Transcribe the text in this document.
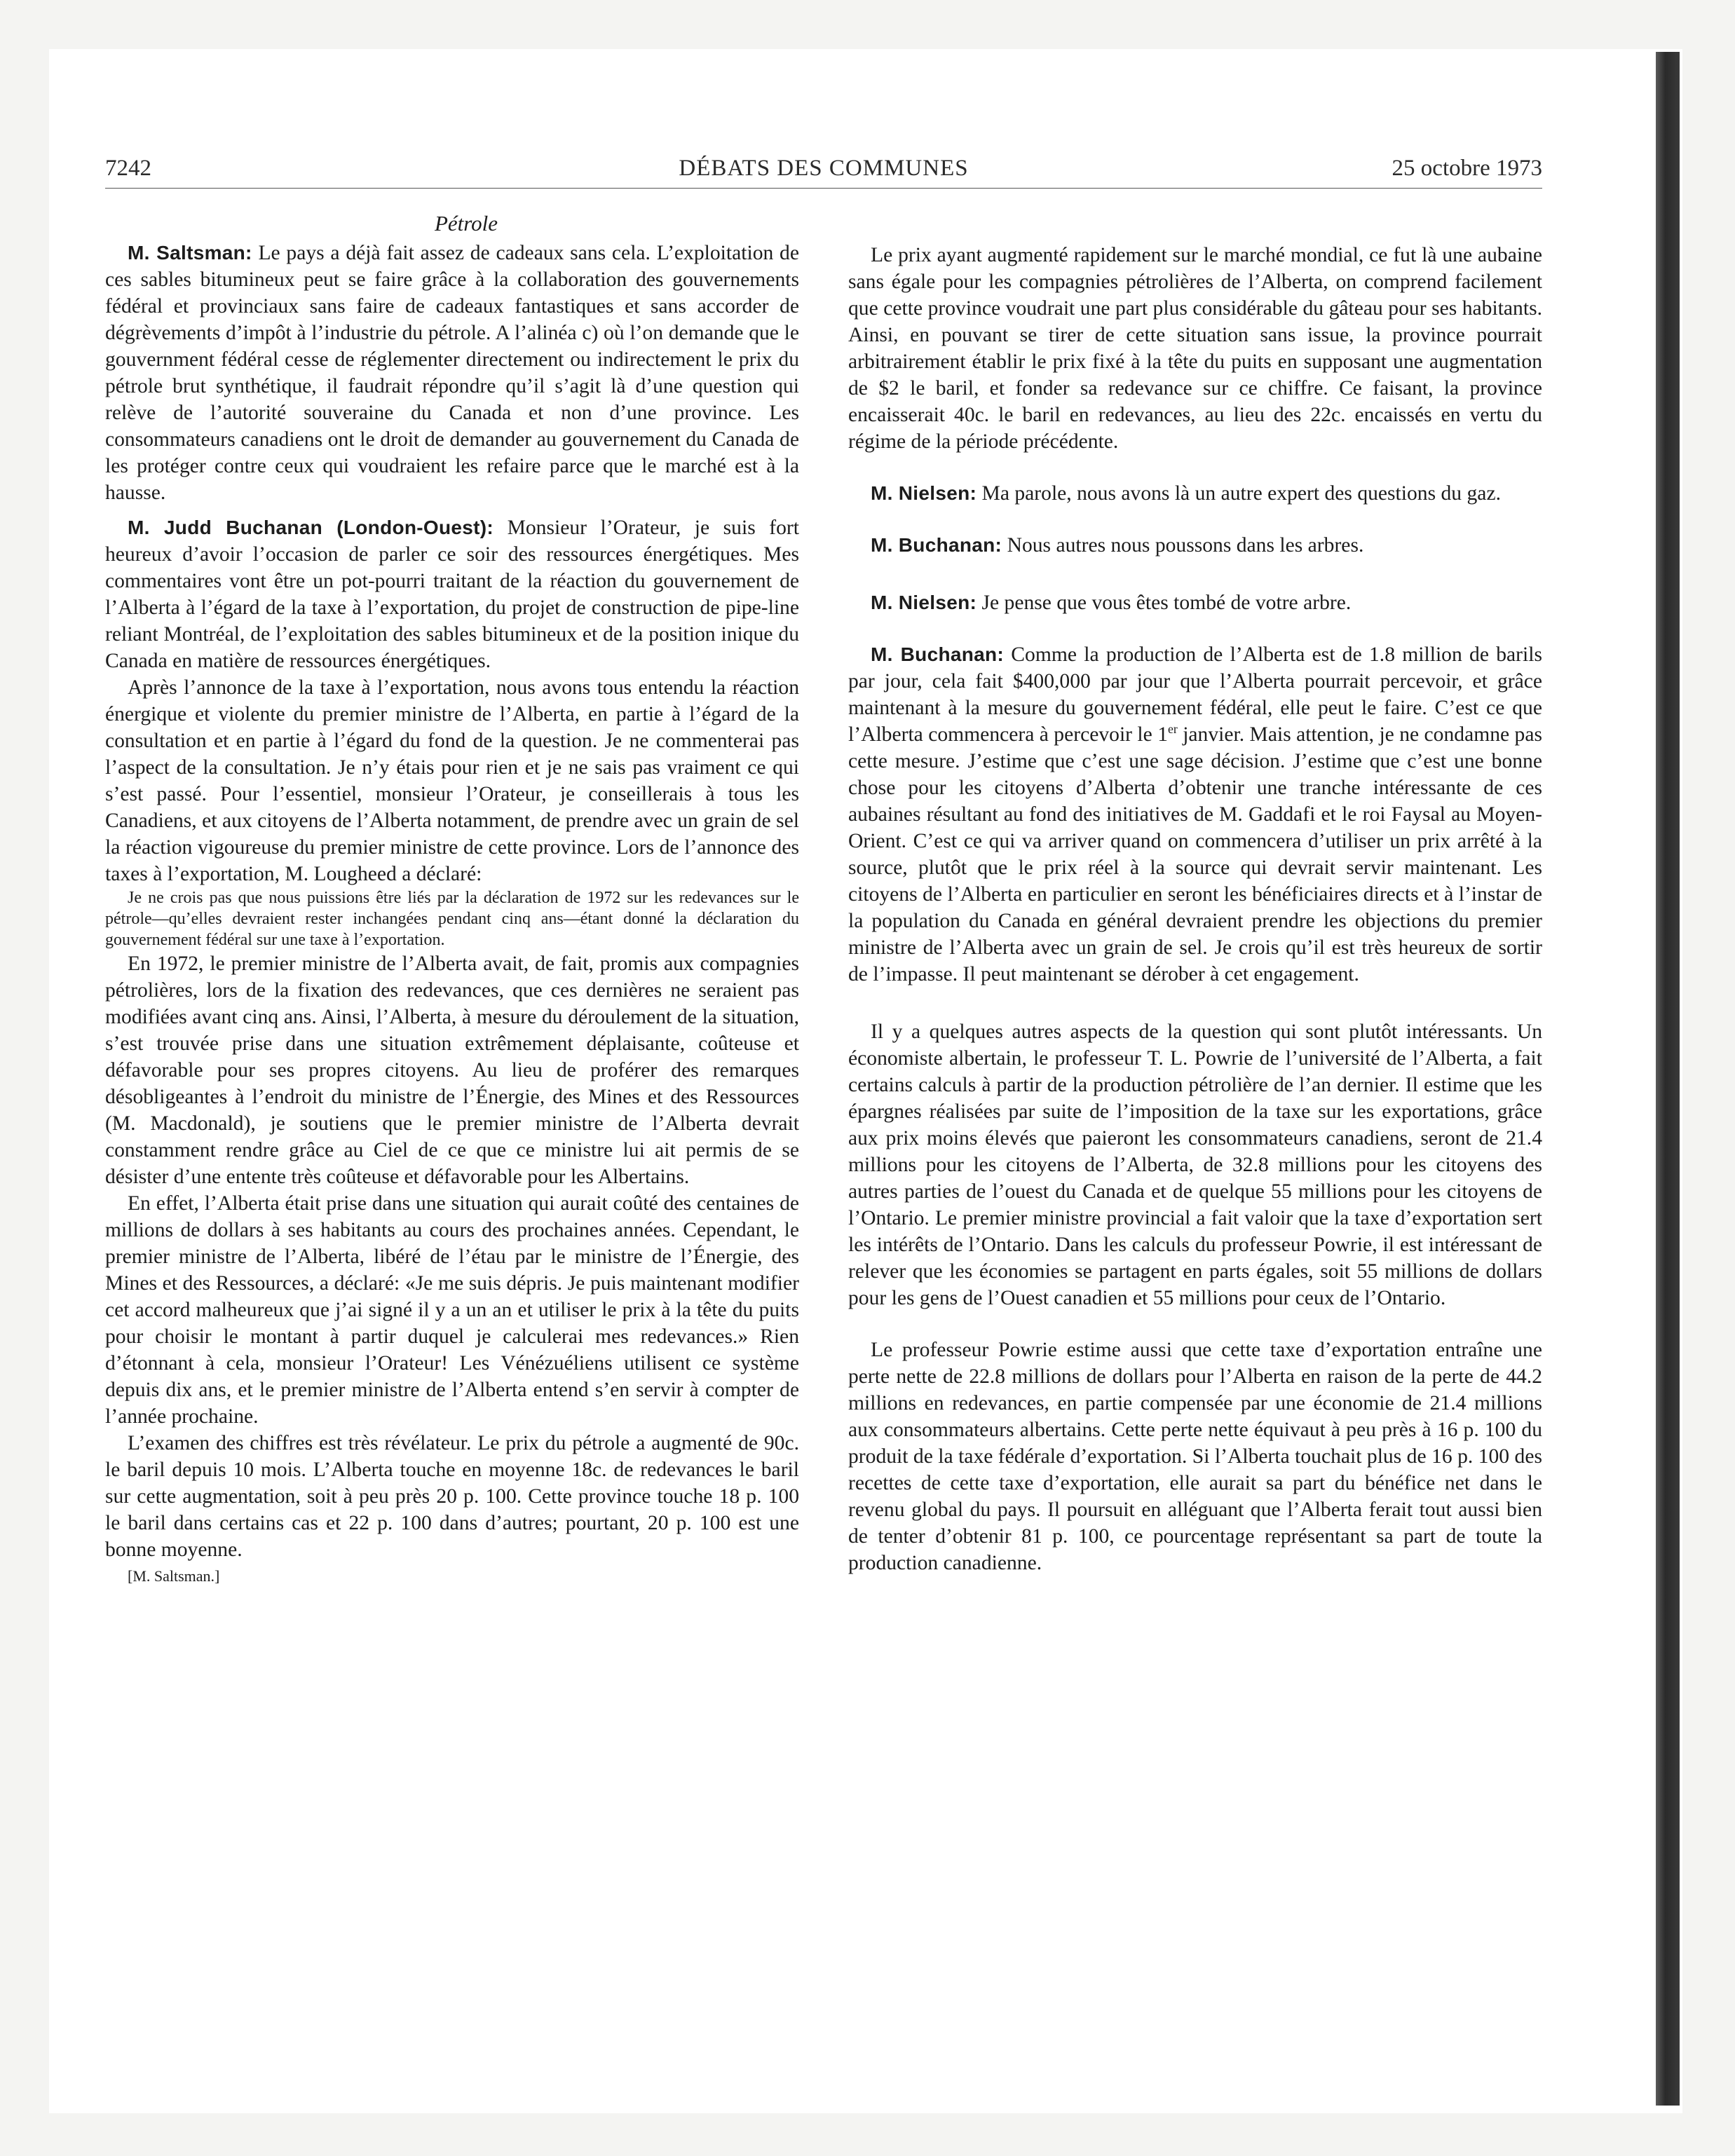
7242	DÉBATS DES COMMUNES	25 octobre 1973
Pétrole

M. Saltsman: Le pays a déjà fait assez de cadeaux sans cela. L’exploitation de ces sables bitumineux peut se faire grâce à la collaboration des gouvernements fédéral et provinciaux sans faire de cadeaux fantastiques et sans accorder de dégrèvements d’impôt à l’industrie du pétrole. A l’alinéa c) où l’on demande que le gouvernment fédéral cesse de réglementer directement ou indirectement le prix du pétrole brut synthétique, il faudrait répondre qu’il s’agit là d’une question qui relève de l’autorité souveraine du Canada et non d’une province. Les consommateurs canadiens ont le droit de demander au gouvernement du Canada de les protéger contre ceux qui voudraient les refaire parce que le marché est à la hausse.

M. Judd Buchanan (London-Ouest): Monsieur l’Orateur, je suis fort heureux d’avoir l’occasion de parler ce soir des ressources énergétiques. Mes commentaires vont être un pot-pourri traitant de la réaction du gouvernement de l’Alberta à l’égard de la taxe à l’exportation, du projet de construction de pipe-line reliant Montréal, de l’exploitation des sables bitumineux et de la position inique du Canada en matière de ressources énergétiques.

Après l’annonce de la taxe à l’exportation, nous avons tous entendu la réaction énergique et violente du premier ministre de l’Alberta, en partie à l’égard de la consultation et en partie à l’égard du fond de la question. Je ne commenterai pas l’aspect de la consultation. Je n’y étais pour rien et je ne sais pas vraiment ce qui s’est passé. Pour l’essentiel, monsieur l’Orateur, je conseillerais à tous les Canadiens, et aux citoyens de l’Alberta notamment, de prendre avec un grain de sel la réaction vigoureuse du premier ministre de cette province. Lors de l’annonce des taxes à l’exportation, M. Lougheed a déclaré:

Je ne crois pas que nous puissions être liés par la déclaration de 1972 sur les redevances sur le pétrole—qu’elles devraient rester inchangées pendant cinq ans—étant donné la déclaration du gouvernement fédéral sur une taxe à l’exportation.

En 1972, le premier ministre de l’Alberta avait, de fait, promis aux compagnies pétrolières, lors de la fixation des redevances, que ces dernières ne seraient pas modifiées avant cinq ans. Ainsi, l’Alberta, à mesure du déroulement de la situation, s’est trouvée prise dans une situation extrêmement déplaisante, coûteuse et défavorable pour ses propres citoyens. Au lieu de proférer des remarques désobligeantes à l’endroit du ministre de l’Énergie, des Mines et des Ressources (M. Macdonald), je soutiens que le premier ministre de l’Alberta devrait constamment rendre grâce au Ciel de ce que ce ministre lui ait permis de se désister d’une entente très coûteuse et défavorable pour les Albertains.

En effet, l’Alberta était prise dans une situation qui aurait coûté des centaines de millions de dollars à ses habitants au cours des prochaines années. Cependant, le premier ministre de l’Alberta, libéré de l’étau par le ministre de l’Énergie, des Mines et des Ressources, a déclaré: «Je me suis dépris. Je puis maintenant modifier cet accord malheureux que j’ai signé il y a un an et utiliser le prix à la tête du puits pour choisir le montant à partir duquel je calculerai mes redevances.» Rien d’étonnant à cela, monsieur l’Orateur! Les Vénézuéliens utilisent ce système depuis dix ans, et le premier ministre de l’Alberta entend s’en servir à compter de l’année prochaine.

L’examen des chiffres est très révélateur. Le prix du pétrole a augmenté de 90c. le baril depuis 10 mois. L’Alberta touche en moyenne 18c. de redevances le baril sur cette augmentation, soit à peu près 20 p. 100. Cette province touche 18 p. 100 le baril dans certains cas et 22 p. 100 dans d’autres; pourtant, 20 p. 100 est une bonne moyenne.

[M. Saltsman.]

Le prix ayant augmenté rapidement sur le marché mondial, ce fut là une aubaine sans égale pour les compagnies pétrolières de l’Alberta, on comprend facilement que cette province voudrait une part plus considérable du gâteau pour ses habitants. Ainsi, en pouvant se tirer de cette situation sans issue, la province pourrait arbitrairement établir le prix fixé à la tête du puits en supposant une augmentation de $2 le baril, et fonder sa redevance sur ce chiffre. Ce faisant, la province encaisserait 40c. le baril en redevances, au lieu des 22c. encaissés en vertu du régime de la période précédente.

M. Nielsen: Ma parole, nous avons là un autre expert des questions du gaz.

M. Buchanan: Nous autres nous poussons dans les arbres.

M. Nielsen: Je pense que vous êtes tombé de votre arbre.

M. Buchanan: Comme la production de l’Alberta est de 1.8 million de barils par jour, cela fait $400,000 par jour que l’Alberta pourrait percevoir, et grâce maintenant à la mesure du gouvernement fédéral, elle peut le faire. C’est ce que l’Alberta commencera à percevoir le 1er janvier. Mais attention, je ne condamne pas cette mesure. J’estime que c’est une sage décision. J’estime que c’est une bonne chose pour les citoyens d’Alberta d’obtenir une tranche intéressante de ces aubaines résultant au fond des initiatives de M. Gaddafi et le roi Faysal au Moyen-Orient. C’est ce qui va arriver quand on commencera d’utiliser un prix arrêté à la source, plutôt que le prix réel à la source qui devrait servir maintenant. Les citoyens de l’Alberta en particulier en seront les bénéficiaires directs et à l’instar de la population du Canada en général devraient prendre les objections du premier ministre de l’Alberta avec un grain de sel. Je crois qu’il est très heureux de sortir de l’impasse. Il peut maintenant se dérober à cet engagement.

Il y a quelques autres aspects de la question qui sont plutôt intéressants. Un économiste albertain, le professeur T. L. Powrie de l’université de l’Alberta, a fait certains calculs à partir de la production pétrolière de l’an dernier. Il estime que les épargnes réalisées par suite de l’imposition de la taxe sur les exportations, grâce aux prix moins élevés que paieront les consommateurs canadiens, seront de 21.4 millions pour les citoyens de l’Alberta, de 32.8 millions pour les citoyens des autres parties de l’ouest du Canada et de quelque 55 millions pour les citoyens de l’Ontario. Le premier ministre provincial a fait valoir que la taxe d’exportation sert les intérêts de l’Ontario. Dans les calculs du professeur Powrie, il est intéressant de relever que les économies se partagent en parts égales, soit 55 millions de dollars pour les gens de l’Ouest canadien et 55 millions pour ceux de l’Ontario.

Le professeur Powrie estime aussi que cette taxe d’exportation entraîne une perte nette de 22.8 millions de dollars pour l’Alberta en raison de la perte de 44.2 millions en redevances, en partie compensée par une économie de 21.4 millions aux consommateurs albertains. Cette perte nette équivaut à peu près à 16 p. 100 du produit de la taxe fédérale d’exportation. Si l’Alberta touchait plus de 16 p. 100 des recettes de cette taxe d’exportation, elle aurait sa part du bénéfice net dans le revenu global du pays. Il poursuit en alléguant que l’Alberta ferait tout aussi bien de tenter d’obtenir 81 p. 100, ce pourcentage représentant sa part de toute la production canadienne.
